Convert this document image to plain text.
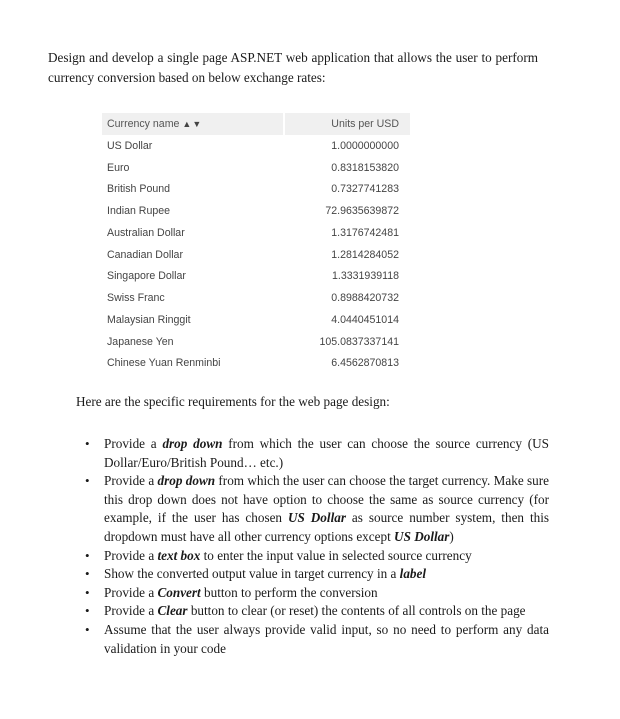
Design and develop a single page ASP.NET web application that allows the user to perform currency conversion based on below exchange rates:

Currency name ▲▼	Units per USD
US Dollar	1.0000000000
Euro	0.8318153820
British Pound	0.7327741283
Indian Rupee	72.9635639872
Australian Dollar	1.3176742481
Canadian Dollar	1.2814284052
Singapore Dollar	1.3331939118
Swiss Franc	0.8988420732
Malaysian Ringgit	4.0440451014
Japanese Yen	105.0837337141
Chinese Yuan Renminbi	6.4562870813

Here are the specific requirements for the web page design:

• Provide a drop down from which the user can choose the source currency (US Dollar/Euro/British Pound… etc.)
• Provide a drop down from which the user can choose the target currency. Make sure this drop down does not have option to choose the same as source currency (for example, if the user has chosen US Dollar as source number system, then this dropdown must have all other currency options except US Dollar)
• Provide a text box to enter the input value in selected source currency
• Show the converted output value in target currency in a label
• Provide a Convert button to perform the conversion
• Provide a Clear button to clear (or reset) the contents of all controls on the page
• Assume that the user always provide valid input, so no need to perform any data validation in your code
